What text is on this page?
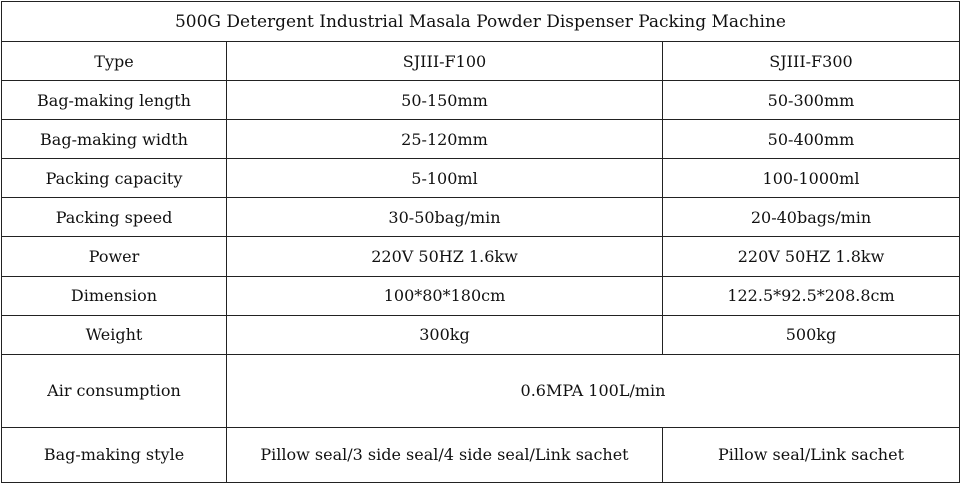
500G Detergent Industrial Masala Powder Dispenser Packing Machine		
Type	SJIII-F100	SJIII-F300
Bag-making length	50-150mm	50-300mm
Bag-making width	25-120mm	50-400mm
Packing capacity	5-100ml	100-1000ml
Packing speed	30-50bag/min	20-40bags/min
Power	220V 50HZ 1.6kw	220V 50HZ 1.8kw
Dimension	100*80*180cm	122.5*92.5*208.8cm
Weight	300kg	500kg
Air consumption	0.6MPA 100L/min	
Bag-making style	Pillow seal/3 side seal/4 side seal/Link sachet	Pillow seal/Link sachet
